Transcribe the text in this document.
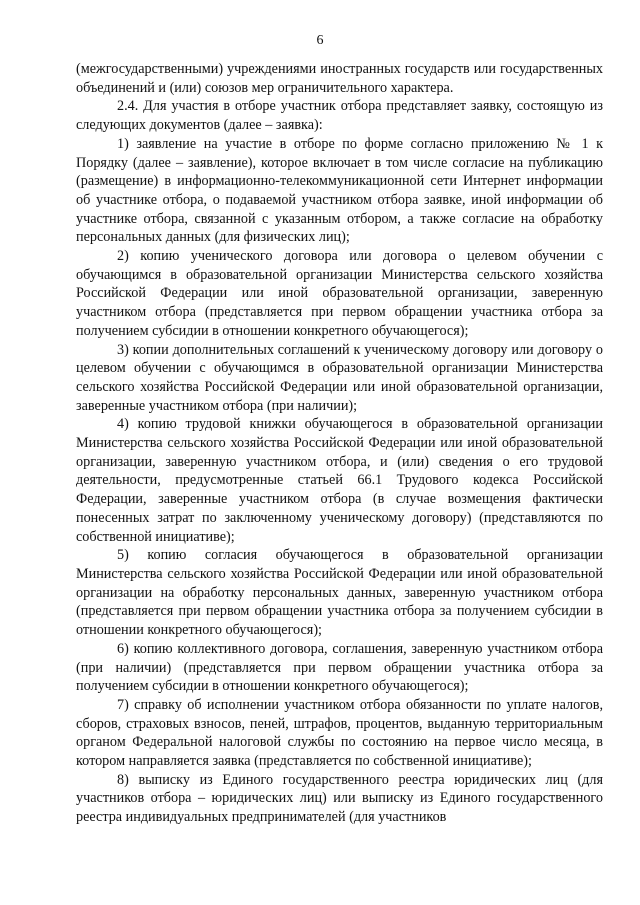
6

(межгосударственными) учреждениями иностранных государств или государственных объединений и (или) союзов мер ограничительного характера.

2.4. Для участия в отборе участник отбора представляет заявку, состоящую из следующих документов (далее – заявка):

1) заявление на участие в отборе по форме согласно приложению № 1 к Порядку (далее – заявление), которое включает в том числе согласие на публикацию (размещение) в информационно-телекоммуникационной сети Интернет информации об участнике отбора, о подаваемой участником отбора заявке, иной информации об участнике отбора, связанной с указанным отбором, а также согласие на обработку персональных данных (для физических лиц);

2) копию ученического договора или договора о целевом обучении с обучающимся в образовательной организации Министерства сельского хозяйства Российской Федерации или иной образовательной организации, заверенную участником отбора (представляется при первом обращении участника отбора за получением субсидии в отношении конкретного обучающегося);

3) копии дополнительных соглашений к ученическому договору или договору о целевом обучении с обучающимся в образовательной организации Министерства сельского хозяйства Российской Федерации или иной образовательной организации, заверенные участником отбора (при наличии);

4) копию трудовой книжки обучающегося в образовательной организации Министерства сельского хозяйства Российской Федерации или иной образовательной организации, заверенную участником отбора, и (или) сведения о его трудовой деятельности, предусмотренные статьей 66.1 Трудового кодекса Российской Федерации, заверенные участником отбора (в случае возмещения фактически понесенных затрат по заключенному ученическому договору) (представляются по собственной инициативе);

5) копию согласия обучающегося в образовательной организации Министерства сельского хозяйства Российской Федерации или иной образовательной организации на обработку персональных данных, заверенную участником отбора (представляется при первом обращении участника отбора за получением субсидии в отношении конкретного обучающегося);

6) копию коллективного договора, соглашения, заверенную участником отбора (при наличии) (представляется при первом обращении участника отбора за получением субсидии в отношении конкретного обучающегося);

7) справку об исполнении участником отбора обязанности по уплате налогов, сборов, страховых взносов, пеней, штрафов, процентов, выданную территориальным органом Федеральной налоговой службы по состоянию на первое число месяца, в котором направляется заявка (представляется по собственной инициативе);

8) выписку из Единого государственного реестра юридических лиц (для участников отбора – юридических лиц) или выписку из Единого государственного реестра индивидуальных предпринимателей (для участников
